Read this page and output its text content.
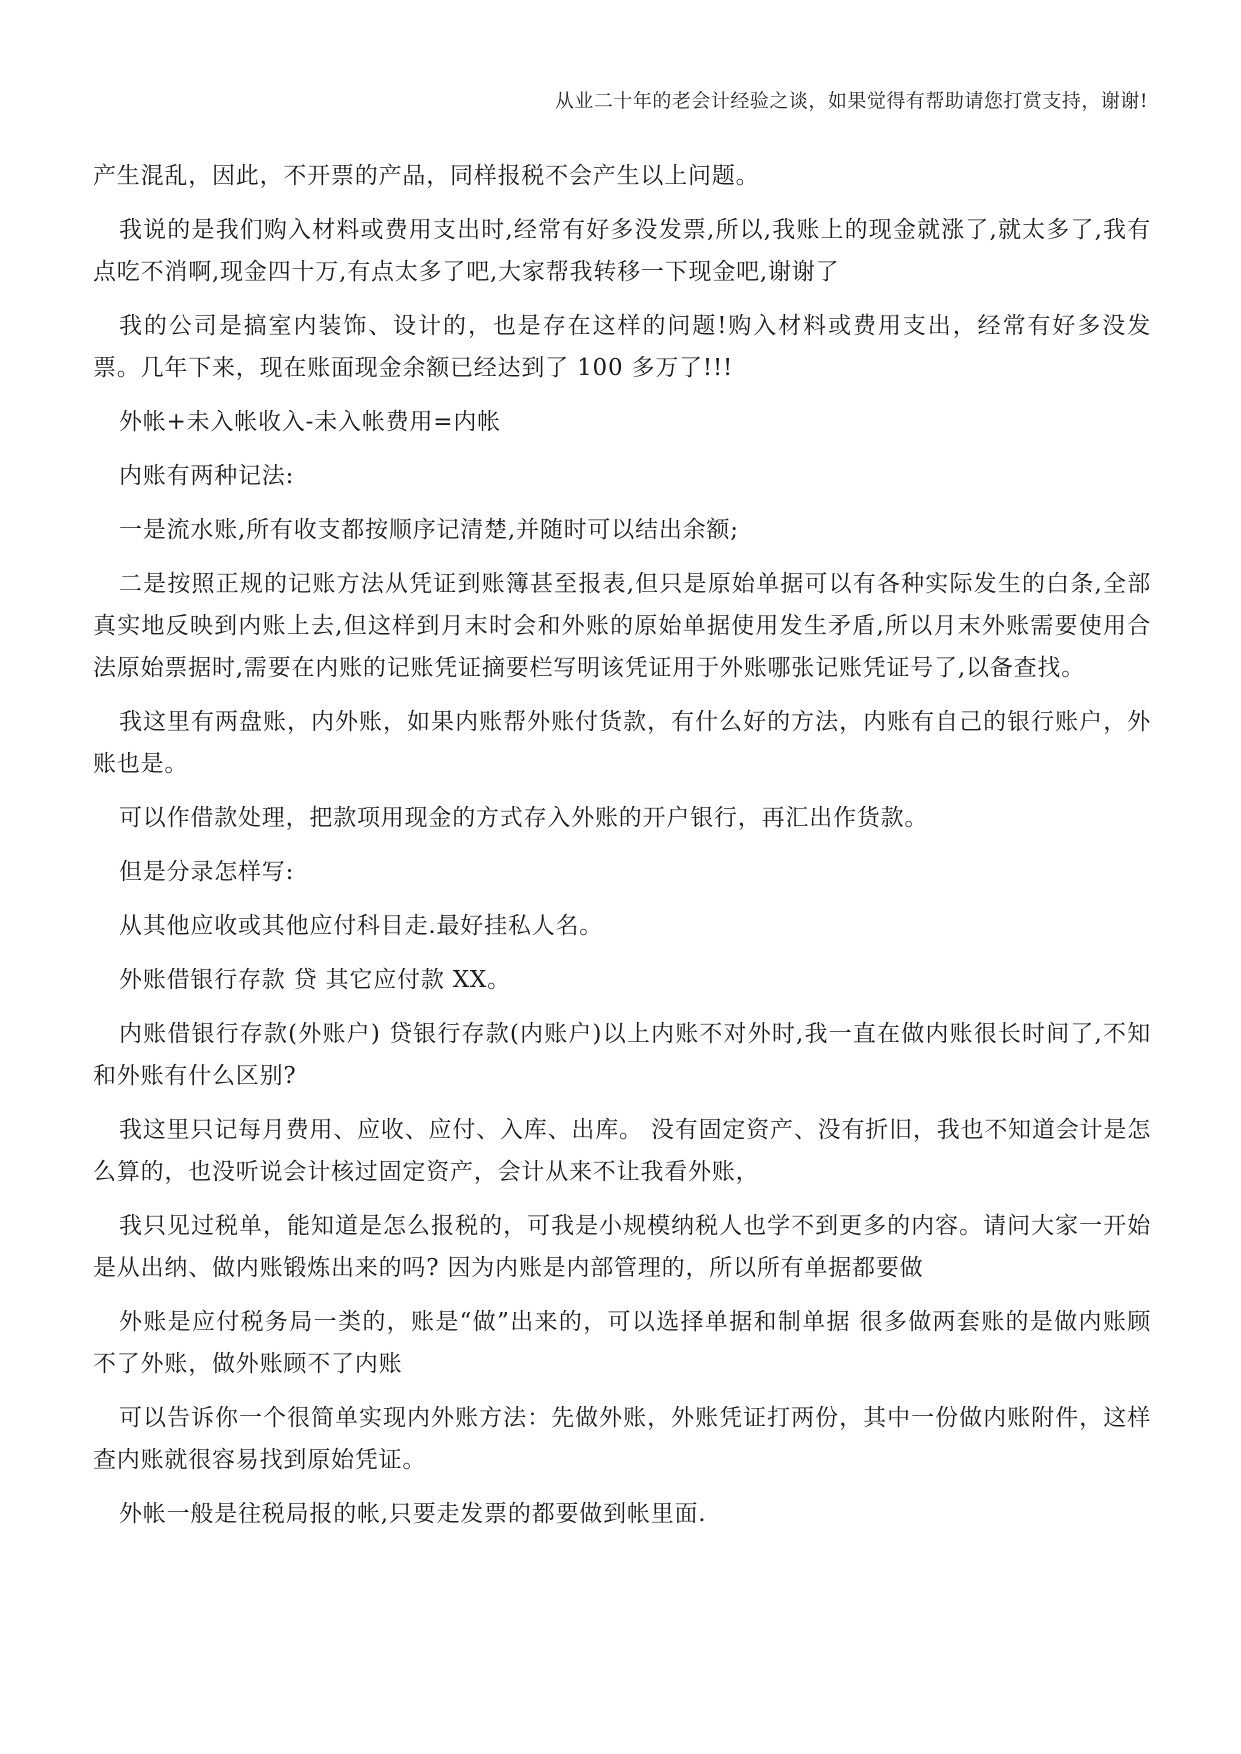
从业二十年的老会计经验之谈，如果觉得有帮助请您打赏支持，谢谢!

产生混乱，因此，不开票的产品，同样报税不会产生以上问题。

我说的是我们购入材料或费用支出时,经常有好多没发票,所以,我账上的现金就涨了,就太多了,我有点吃不消啊,现金四十万,有点太多了吧,大家帮我转移一下现金吧,谢谢了

我的公司是搞室内装饰、设计的，也是存在这样的问题!购入材料或费用支出，经常有好多没发票。几年下来，现在账面现金余额已经达到了 100 多万了!!!

外帐+未入帐收入-未入帐费用=内帐

内账有两种记法:

一是流水账,所有收支都按顺序记清楚,并随时可以结出余额;

二是按照正规的记账方法从凭证到账簿甚至报表,但只是原始单据可以有各种实际发生的白条,全部真实地反映到内账上去,但这样到月末时会和外账的原始单据使用发生矛盾,所以月末外账需要使用合法原始票据时,需要在内账的记账凭证摘要栏写明该凭证用于外账哪张记账凭证号了,以备查找。

我这里有两盘账，内外账，如果内账帮外账付货款，有什么好的方法，内账有自己的银行账户，外账也是。

可以作借款处理，把款项用现金的方式存入外账的开户银行，再汇出作货款。

但是分录怎样写:

从其他应收或其他应付科目走.最好挂私人名。

外账借银行存款 贷 其它应付款 XX。

内账借银行存款(外账户) 贷银行存款(内账户)以上内账不对外时,我一直在做内账很长时间了,不知和外账有什么区别?

我这里只记每月费用、应收、应付、入库、出库。 没有固定资产、没有折旧，我也不知道会计是怎么算的，也没听说会计核过固定资产，会计从来不让我看外账，

我只见过税单，能知道是怎么报税的，可我是小规模纳税人也学不到更多的内容。请问大家一开始是从出纳、做内账锻炼出来的吗? 因为内账是内部管理的，所以所有单据都要做

外账是应付税务局一类的，账是“做”出来的，可以选择单据和制单据 很多做两套账的是做内账顾不了外账，做外账顾不了内账

可以告诉你一个很简单实现内外账方法：先做外账，外账凭证打两份，其中一份做内账附件，这样查内账就很容易找到原始凭证。

外帐一般是往税局报的帐,只要走发票的都要做到帐里面.
